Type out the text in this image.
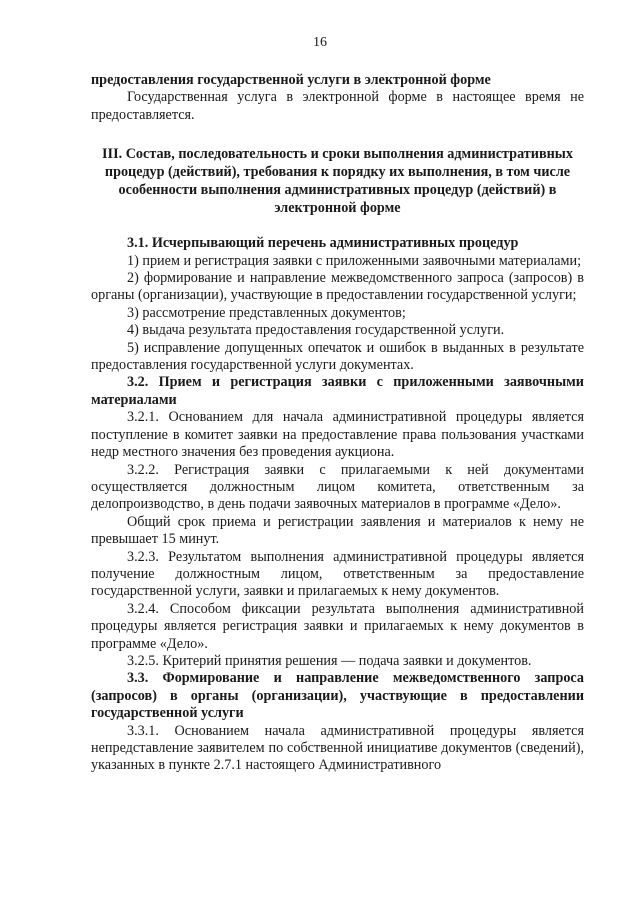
16

предоставления государственной услуги в электронной форме

Государственная услуга в электронной форме в настоящее время не предоставляется.

III. Состав, последовательность и сроки выполнения административных процедур (действий), требования к порядку их выполнения, в том числе особенности выполнения административных процедур (действий) в электронной форме

3.1. Исчерпывающий перечень административных процедур

1) прием и регистрация заявки с приложенными заявочными материалами;

2) формирование и направление межведомственного запроса (запросов) в органы (организации), участвующие в предоставлении государственной услуги;

3) рассмотрение представленных документов;

4) выдача результата предоставления государственной услуги.

5) исправление допущенных опечаток и ошибок в выданных в результате предоставления государственной услуги документах.

3.2. Прием и регистрация заявки с приложенными заявочными материалами

3.2.1. Основанием для начала административной процедуры является поступление в комитет заявки на предоставление права пользования участками недр местного значения без проведения аукциона.

3.2.2. Регистрация заявки с прилагаемыми к ней документами осуществляется должностным лицом комитета, ответственным за делопроизводство, в день подачи заявочных материалов в программе «Дело».

Общий срок приема и регистрации заявления и материалов к нему не превышает 15 минут.

3.2.3. Результатом выполнения административной процедуры является получение должностным лицом, ответственным за предоставление государственной услуги, заявки и прилагаемых к нему документов.

3.2.4. Способом фиксации результата выполнения административной процедуры является регистрация заявки и прилагаемых к нему документов в программе «Дело».

3.2.5. Критерий принятия решения — подача заявки и документов.

3.3. Формирование и направление межведомственного запроса (запросов) в органы (организации), участвующие в предоставлении государственной услуги

3.3.1. Основанием начала административной процедуры является непредставление заявителем по собственной инициативе документов (сведений), указанных в пункте 2.7.1 настоящего Административного
